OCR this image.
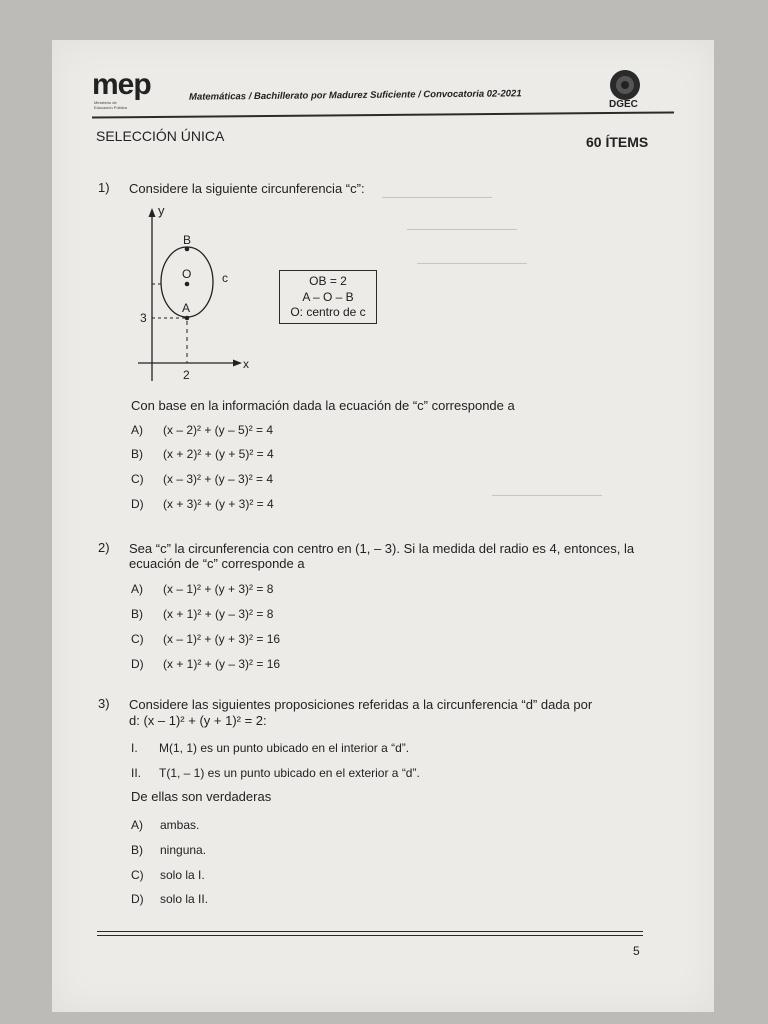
mep
Ministerio de Educación Pública
Matemáticas / Bachillerato por Madurez Suficiente / Convocatoria 02-2021
DGEC
———————————
———————————
———————————
———————————
SELECCIÓN ÚNICA	60 ÍTEMS
1) Considere la siguiente circunferencia “c”:
y
x
B
O
A
c
3
2
OB = 2
A – O – B
O: centro de c
Con base en la información dada la ecuación de “c” corresponde a
A) (x – 2)² + (y – 5)² = 4
B) (x + 2)² + (y + 5)² = 4
C) (x – 3)² + (y – 3)² = 4
D) (x + 3)² + (y + 3)² = 4
2) Sea “c” la circunferencia con centro en (1, – 3). Si la medida del radio es 4, entonces, la
ecuación de “c” corresponde a
A) (x – 1)² + (y + 3)² = 8
B) (x + 1)² + (y – 3)² = 8
C) (x – 1)² + (y + 3)² = 16
D) (x + 1)² + (y – 3)² = 16
3) Considere las siguientes proposiciones referidas a la circunferencia “d” dada por
d: (x – 1)² + (y + 1)² = 2:
I. M(1, 1) es un punto ubicado en el interior a “d”.
II. T(1, – 1) es un punto ubicado en el exterior a “d”.
De ellas son verdaderas
A) ambas.
B) ninguna.
C) solo la I.
D) solo la II.
5
